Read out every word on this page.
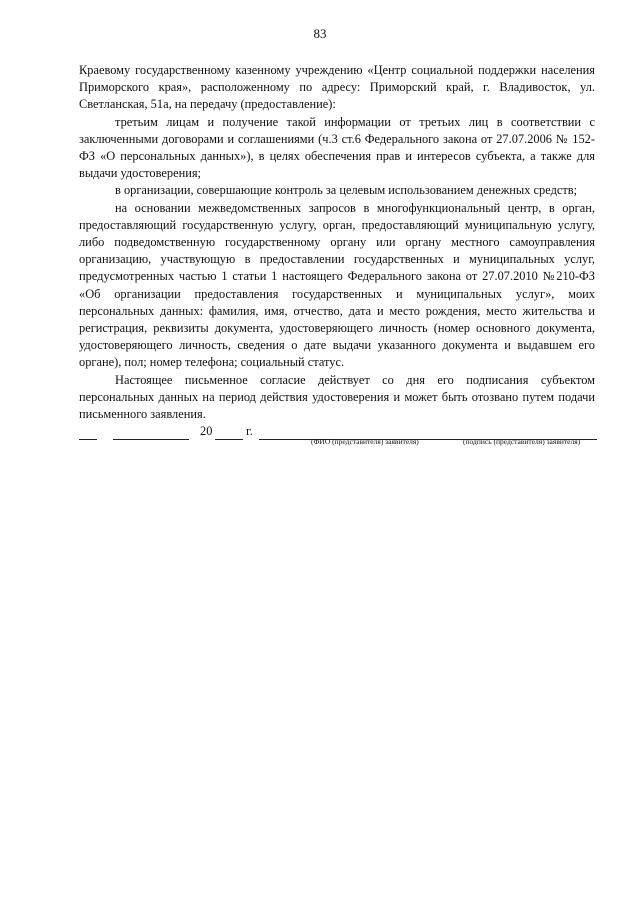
83

Краевому государственному казенному учреждению «Центр социальной поддержки населения Приморского края», расположенному по адресу: Приморский край, г. Владивосток, ул. Светланская, 51а, на передачу (предоставление):

третьим лицам и получение такой информации от третьих лиц в соответствии с заключенными договорами и соглашениями (ч.3 ст.6 Федерального закона от 27.07.2006 № 152-ФЗ «О персональных данных»), в целях обеспечения прав и интересов субъекта, а также для выдачи удостоверения;

в организации, совершающие контроль за целевым использованием денежных средств;

на основании межведомственных запросов в многофункциональный центр, в орган, предоставляющий государственную услугу, орган, предоставляющий муниципальную услугу, либо подведомственную государственному органу или органу местного самоуправления организацию, участвующую в предоставлении государственных и муниципальных услуг, предусмотренных частью 1 статьи 1 настоящего Федерального закона от 27.07.2010 №210-ФЗ «Об организации предоставления государственных и муниципальных услуг», моих персональных данных: фамилия, имя, отчество, дата и место рождения, место жительства и регистрация, реквизиты документа, удостоверяющего личность (номер основного документа, удостоверяющего личность, сведения о дате выдачи указанного документа и выдавшем его органе), пол; номер телефона; социальный статус.

Настоящее письменное согласие действует со дня его подписания субъектом персональных данных на период действия удостоверения и может быть отозвано путем подачи письменного заявления.

20	г.
(ФИО (представителя) заявителя)	(подпись (представителя) заявителя)
